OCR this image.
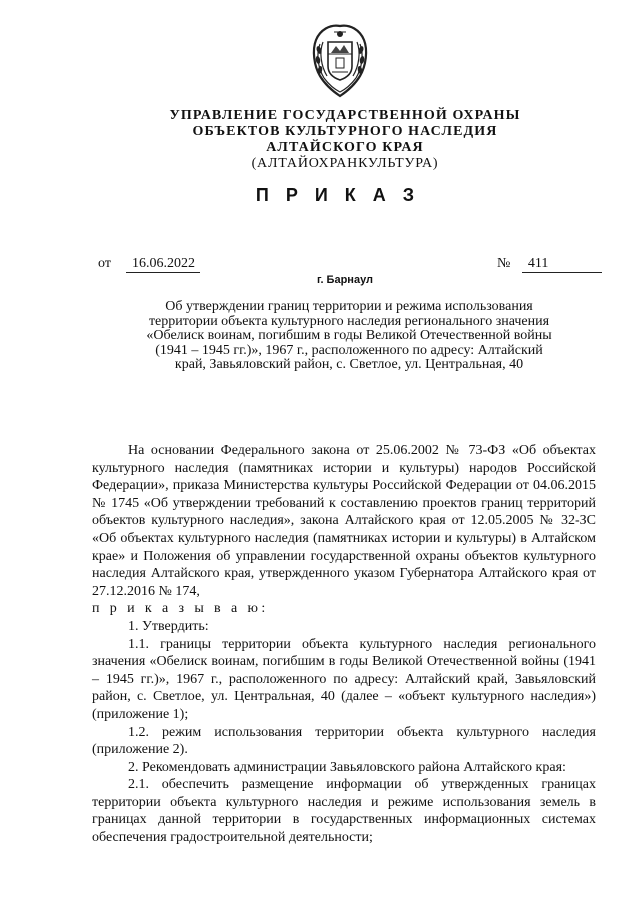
УПРАВЛЕНИЕ ГОСУДАРСТВЕННОЙ ОХРАНЫ
ОБЪЕКТОВ КУЛЬТУРНОГО НАСЛЕДИЯ
АЛТАЙСКОГО КРАЯ
(АЛТАЙОХРАНКУЛЬТУРА)
П Р И К А З
от 16.06.2022	№ 411
г. Барнаул
Об утверждении границ территории и режима использования территории объекта культурного наследия регионального значения «Обелиск воинам, погибшим в годы Великой Отечественной войны (1941 – 1945 гг.)», 1967 г., расположенного по адресу: Алтайский край, Завьяловский район, с. Светлое, ул. Центральная, 40

На основании Федерального закона от 25.06.2002 № 73-ФЗ «Об объектах культурного наследия (памятниках истории и культуры) народов Российской Федерации», приказа Министерства культуры Российской Федерации от 04.06.2015 № 1745 «Об утверждении требований к составлению проектов границ территорий объектов культурного наследия», закона Алтайского края от 12.05.2005 № 32-ЗС «Об объектах культурного наследия (памятниках истории и культуры) в Алтайском крае» и Положения об управлении государственной охраны объектов культурного наследия Алтайского края, утвержденного указом Губернатора Алтайского края от 27.12.2016 № 174,

п р и к а з ы в а ю:

1. Утвердить:

1.1. границы территории объекта культурного наследия регионального значения «Обелиск воинам, погибшим в годы Великой Отечественной войны (1941 – 1945 гг.)», 1967 г., расположенного по адресу: Алтайский край, Завьяловский район, с. Светлое, ул. Центральная, 40 (далее – «объект культурного наследия») (приложение 1);

1.2. режим использования территории объекта культурного наследия (приложение 2).

2. Рекомендовать администрации Завьяловского района Алтайского края:

2.1. обеспечить размещение информации об утвержденных границах территории объекта культурного наследия и режиме использования земель в границах данной территории в государственных информационных системах обеспечения градостроительной деятельности;
